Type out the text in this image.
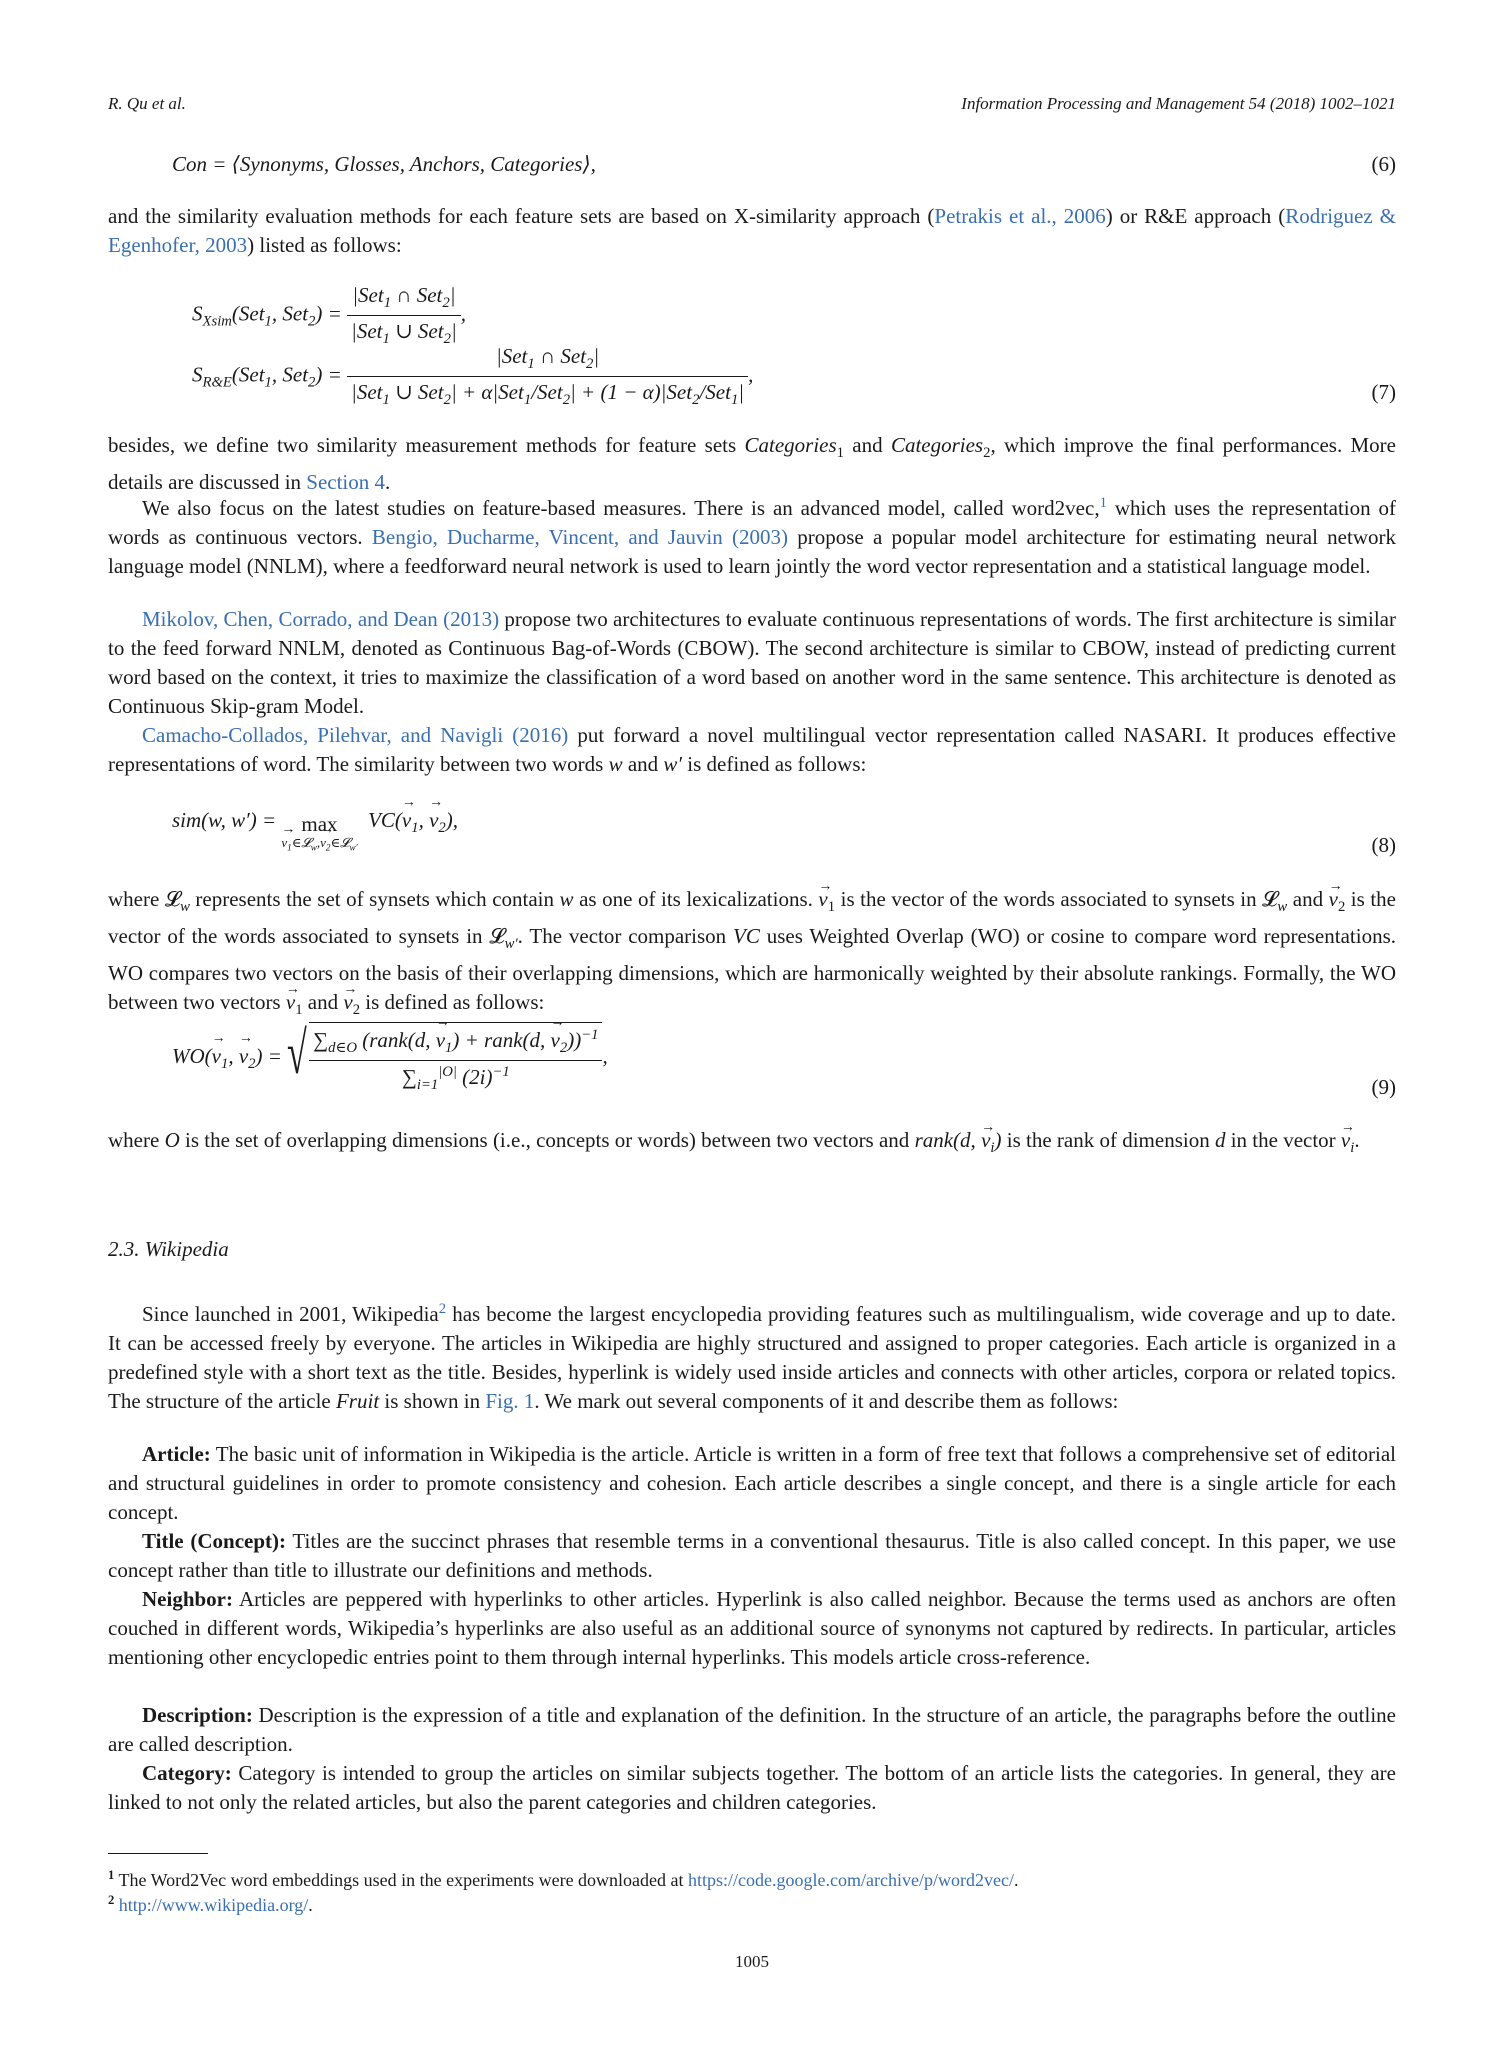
R. Qu et al.	Information Processing and Management 54 (2018) 1002–1021
Con = ⟨Synonyms, Glosses, Anchors, Categories⟩,	(6)

and the similarity evaluation methods for each feature sets are based on X-similarity approach (Petrakis et al., 2006) or R&E approach (Rodriguez & Egenhofer, 2003) listed as follows:

$S_{Xsim}(Set_1$, $Set_2) = \frac{|Set_1 \cap Set_2|}{|Set_1 \cup Set_2|}$ ,
$S_{R\&E}(Set_1$, $Set_2) = \frac{|Set_1 \cap Set_2|}{|Set_1 \cup Set_2| + \alpha|Set_1/Set_2| + (1 - \alpha)|Set_2/Set_1|}$ ,
(7)

besides, we define two similarity measurement methods for feature sets Categories$_1$ and Categories$_2$, which improve the final performances. More details are discussed in Section 4.

We also focus on the latest studies on feature-based measures. There is an advanced model, called word2vec,$^1$ which uses the representation of words as continuous vectors. Bengio, Ducharme, Vincent, and Jauvin (2003) propose a popular model architecture for estimating neural network language model (NNLM), where a feedforward neural network is used to learn jointly the word vector representation and a statistical language model.

Mikolov, Chen, Corrado, and Dean (2013) propose two architectures to evaluate continuous representations of words. The first architecture is similar to the feed forward NNLM, denoted as Continuous Bag-of-Words (CBOW). The second architecture is similar to CBOW, instead of predicting current word based on the context, it tries to maximize the classification of a word based on another word in the same sentence. This architecture is denoted as Continuous Skip-gram Model.

Camacho-Collados, Pilehvar, and Navigli (2016) put forward a novel multilingual vector representation called NASARI. It produces effective representations of word. The similarity between two words w and w′ is defined as follows:

sim(w, w′) = max
→ $v_1\in 𝓛_w,\to$ $v_2\in 𝓛_{w'}$
$VC(\to v_1$, → $v_2$),
(8)

where 𝓛$_w$ represents the set of synsets which contain w as one of its lexicalizations. → $v_1$ is the vector of the words associated to synsets in 𝓛$_w$ and → $v_2$ is the vector of the words associated to synsets in 𝓛$_{w'}$. The vector comparison VC uses Weighted Overlap (WO) or cosine to compare word representations. WO compares two vectors on the basis of their overlapping dimensions, which are harmonically weighted by their absolute rankings. Formally, the WO between two vectors → $v_1$ and → $v_2$ is defined as follows:

$WO(\to v_1$, → $v_2$) = √ $\frac{\sum_{d\in O} (rank(d, \to v_1) + rank(d, \to v_2))^{-1}}{\sum_{i=1}^{|O|} (2i)^{-1}}$ ,
(9)

where O is the set of overlapping dimensions (i.e., concepts or words) between two vectors and rank(d, → $v_i$) is the rank of dimension d in the vector → $v_i$.

2.3. Wikipedia

Since launched in 2001, Wikipedia$^2$ has become the largest encyclopedia providing features such as multilingualism, wide coverage and up to date. It can be accessed freely by everyone. The articles in Wikipedia are highly structured and assigned to proper categories. Each article is organized in a predefined style with a short text as the title. Besides, hyperlink is widely used inside articles and connects with other articles, corpora or related topics. The structure of the article Fruit is shown in Fig. 1. We mark out several components of it and describe them as follows:

Article: The basic unit of information in Wikipedia is the article. Article is written in a form of free text that follows a comprehensive set of editorial and structural guidelines in order to promote consistency and cohesion. Each article describes a single concept, and there is a single article for each concept.

Title (Concept): Titles are the succinct phrases that resemble terms in a conventional thesaurus. Title is also called concept. In this paper, we use concept rather than title to illustrate our definitions and methods.

Neighbor: Articles are peppered with hyperlinks to other articles. Hyperlink is also called neighbor. Because the terms used as anchors are often couched in different words, Wikipedia’s hyperlinks are also useful as an additional source of synonyms not captured by redirects. In particular, articles mentioning other encyclopedic entries point to them through internal hyperlinks. This models article cross-reference.

Description: Description is the expression of a title and explanation of the definition. In the structure of an article, the paragraphs before the outline are called description.

Category: Category is intended to group the articles on similar subjects together. The bottom of an article lists the categories. In general, they are linked to not only the related articles, but also the parent categories and children categories.

$^1$ The Word2Vec word embeddings used in the experiments were downloaded at https://code.google.com/archive/p/word2vec/.
$^2$ http://www.wikipedia.org/.
1005
